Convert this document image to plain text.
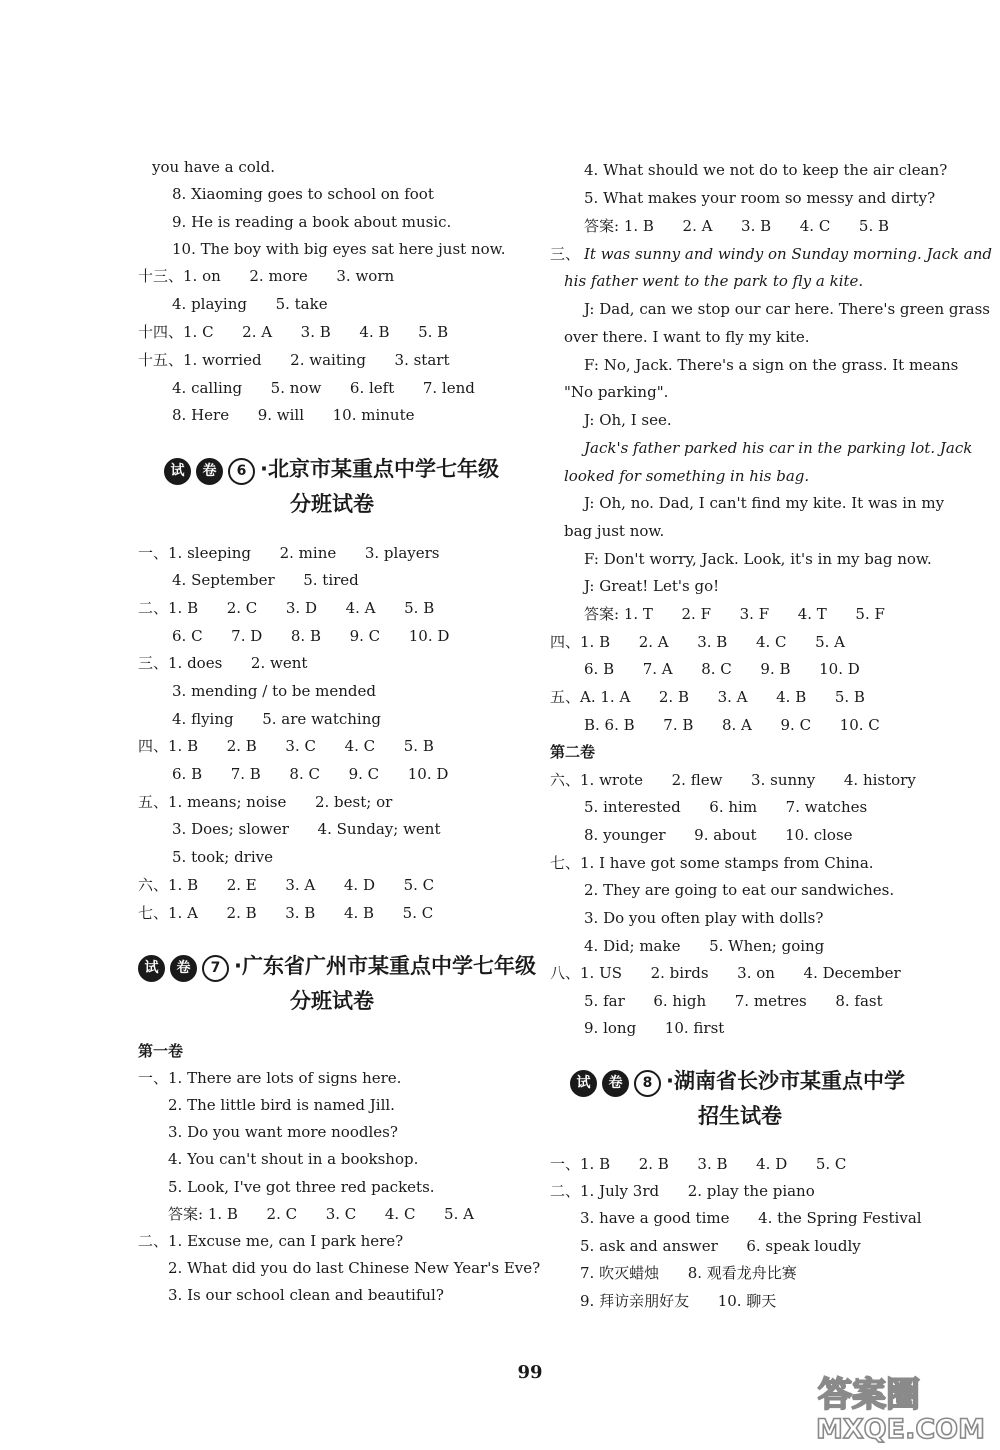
you have a cold.
8. Xiaoming goes to school on foot
9. He is reading a book about music.
10. The boy with big eyes sat here just now.
十三、1. on      2. more      3. worn
4. playing      5. take
十四、1. C      2. A      3. B      4. B      5. B
十五、1. worried      2. waiting      3. start
4. calling      5. now      6. left      7. lend
8. Here      9. will      10. minute
试 卷 6 ·北京市某重点中学七年级
分班试卷
一、1. sleeping      2. mine      3. players
4. September      5. tired
二、1. B      2. C      3. D      4. A      5. B
6. C      7. D      8. B      9. C      10. D
三、1. does      2. went
3. mending / to be mended
4. flying      5. are watching
四、1. B      2. B      3. C      4. C      5. B
6. B      7. B      8. C      9. C      10. D
五、1. means; noise      2. best; or
3. Does; slower      4. Sunday; went
5. took; drive
六、1. B      2. E      3. A      4. D      5. C
七、1. A      2. B      3. B      4. B      5. C
试 卷 7 ·广东省广州市某重点中学七年级
分班试卷
第一卷
一、1. There are lots of signs here.
2. The little bird is named Jill.
3. Do you want more noodles?
4. You can't shout in a bookshop.
5. Look, I've got three red packets.
答案: 1. B      2. C      3. C      4. C      5. A
二、1. Excuse me, can I park here?
2. What did you do last Chinese New Year's Eve?
3. Is our school clean and beautiful?
4. What should we not do to keep the air clean?
5. What makes your room so messy and dirty?
答案: 1. B      2. A      3. B      4. C      5. B
三、 It was sunny and windy on Sunday morning. Jack and
his father went to the park to fly a kite.
J: Dad, can we stop our car here. There's green grass
over there. I want to fly my kite.
F: No, Jack. There's a sign on the grass. It means
"No parking".
J: Oh, I see.
Jack's father parked his car in the parking lot. Jack
looked for something in his bag.
J: Oh, no. Dad, I can't find my kite. It was in my
bag just now.
F: Don't worry, Jack. Look, it's in my bag now.
J: Great! Let's go!
答案: 1. T      2. F      3. F      4. T      5. F
四、1. B      2. A      3. B      4. C      5. A
6. B      7. A      8. C      9. B      10. D
五、A. 1. A      2. B      3. A      4. B      5. B
B. 6. B      7. B      8. A      9. C      10. C
第二卷
六、1. wrote      2. flew      3. sunny      4. history
5. interested      6. him      7. watches
8. younger      9. about      10. close
七、1. I have got some stamps from China.
2. They are going to eat our sandwiches.
3. Do you often play with dolls?
4. Did; make      5. When; going
八、1. US      2. birds      3. on      4. December
5. far      6. high      7. metres      8. fast
9. long      10. first
试 卷 8 ·湖南省长沙市某重点中学
招生试卷
一、1. B      2. B      3. B      4. D      5. C
二、1. July 3rd      2. play the piano
3. have a good time      4. the Spring Festival
5. ask and answer      6. speak loudly
7. 吹灭蜡烛      8. 观看龙舟比赛
9. 拜访亲朋好友      10. 聊天
99
答案圈
MXQE.COM
